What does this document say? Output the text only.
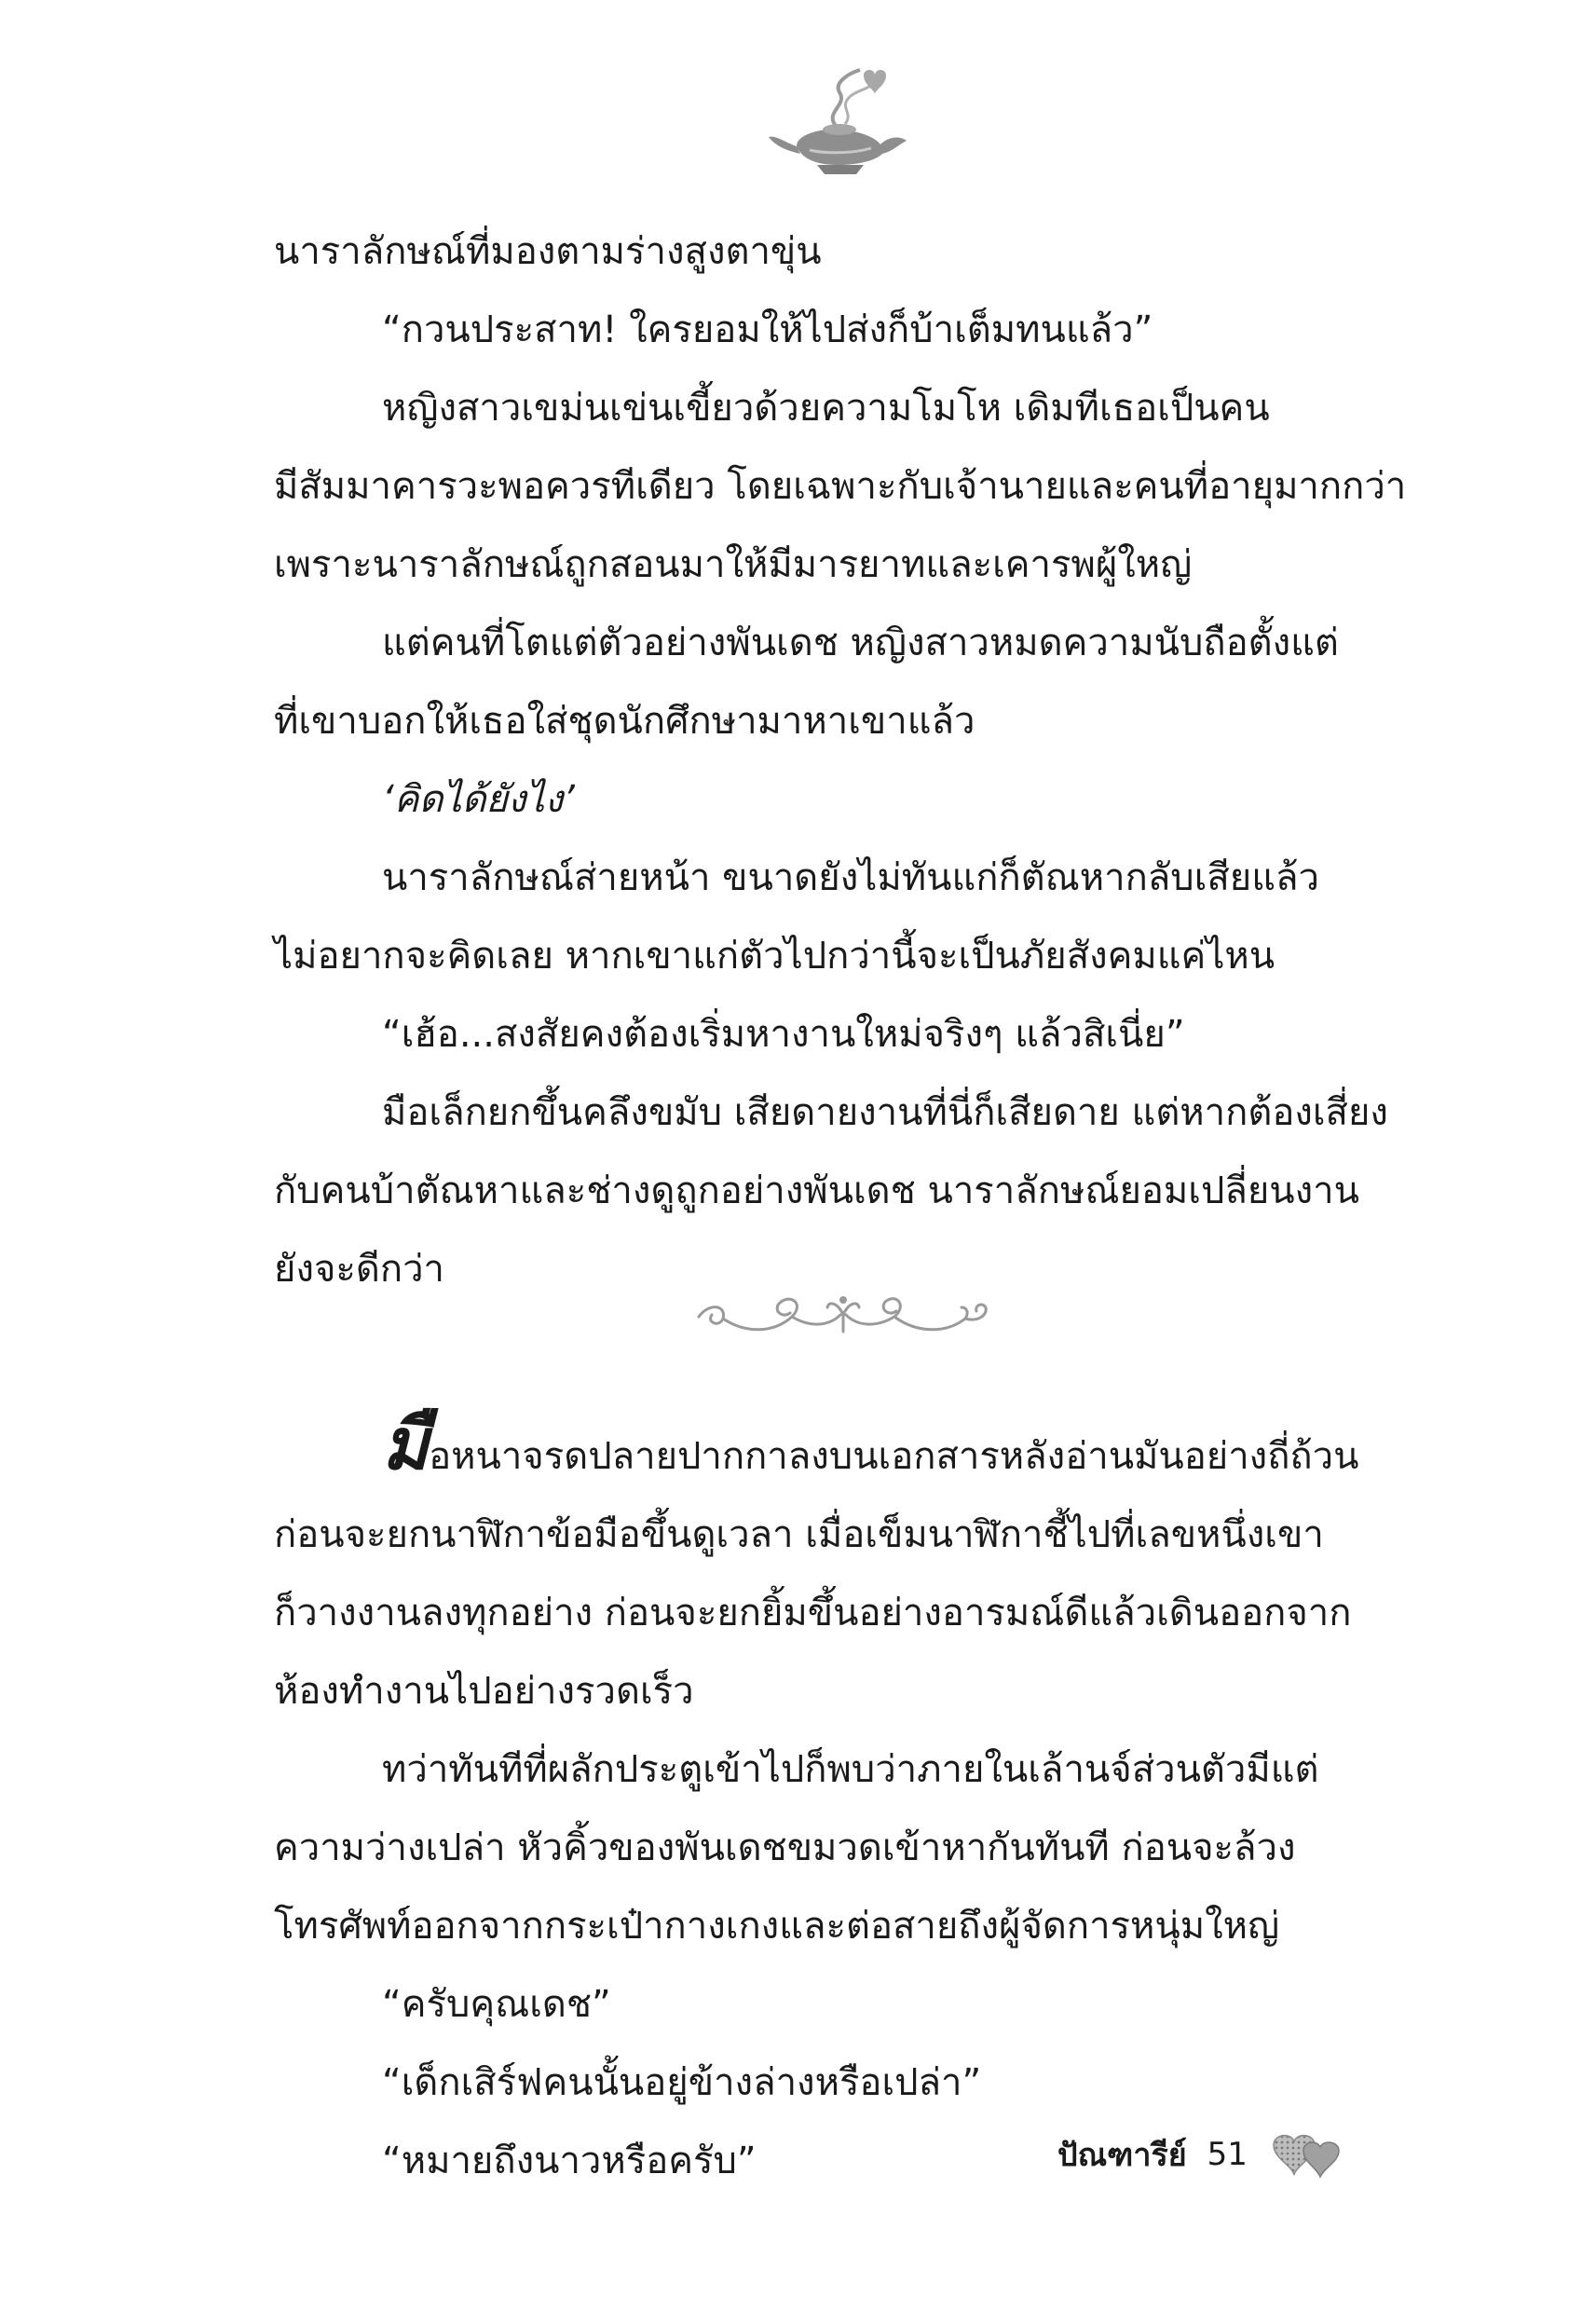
นาราลักษณ์ที่มองตามร่างสูงตาขุ่น

“กวนประสาท! ใครยอมให้ไปส่งก็บ้าเต็มทนแล้ว”

หญิงสาวเขม่นเข่นเขี้ยวด้วยความโมโห เดิมทีเธอเป็นคน

มีสัมมาคารวะพอควรทีเดียว โดยเฉพาะกับเจ้านายและคนที่อายุมากกว่า

เพราะนาราลักษณ์ถูกสอนมาให้มีมารยาทและเคารพผู้ใหญ่

แต่คนที่โตแต่ตัวอย่างพันเดช หญิงสาวหมดความนับถือตั้งแต่

ที่เขาบอกให้เธอใส่ชุดนักศึกษามาหาเขาแล้ว

‘คิดได้ยังไง’

นาราลักษณ์ส่ายหน้า ขนาดยังไม่ทันแก่ก็ตัณหากลับเสียแล้ว

ไม่อยากจะคิดเลย หากเขาแก่ตัวไปกว่านี้จะเป็นภัยสังคมแค่ไหน

“เฮ้อ...สงสัยคงต้องเริ่มหางานใหม่จริงๆ แล้วสิเนี่ย”

มือเล็กยกขึ้นคลึงขมับ เสียดายงานที่นี่ก็เสียดาย แต่หากต้องเสี่ยง

กับคนบ้าตัณหาและช่างดูถูกอย่างพันเดช นาราลักษณ์ยอมเปลี่ยนงาน

ยังจะดีกว่า

มือหนาจรดปลายปากกาลงบนเอกสารหลังอ่านมันอย่างถี่ถ้วน

ก่อนจะยกนาฬิกาข้อมือขึ้นดูเวลา เมื่อเข็มนาฬิกาชี้ไปที่เลขหนึ่งเขา

ก็วางงานลงทุกอย่าง ก่อนจะยกยิ้มขึ้นอย่างอารมณ์ดีแล้วเดินออกจาก

ห้องทำงานไปอย่างรวดเร็ว

ทว่าทันทีที่ผลักประตูเข้าไปก็พบว่าภายในเล้านจ์ส่วนตัวมีแต่

ความว่างเปล่า หัวคิ้วของพันเดชขมวดเข้าหากันทันที ก่อนจะล้วง

โทรศัพท์ออกจากกระเป๋ากางเกงและต่อสายถึงผู้จัดการหนุ่มใหญ่

“ครับคุณเดช”

“เด็กเสิร์ฟคนนั้นอยู่ข้างล่างหรือเปล่า”

“หมายถึงนาวหรือครับ”	ปัณฑารีย์ 51
